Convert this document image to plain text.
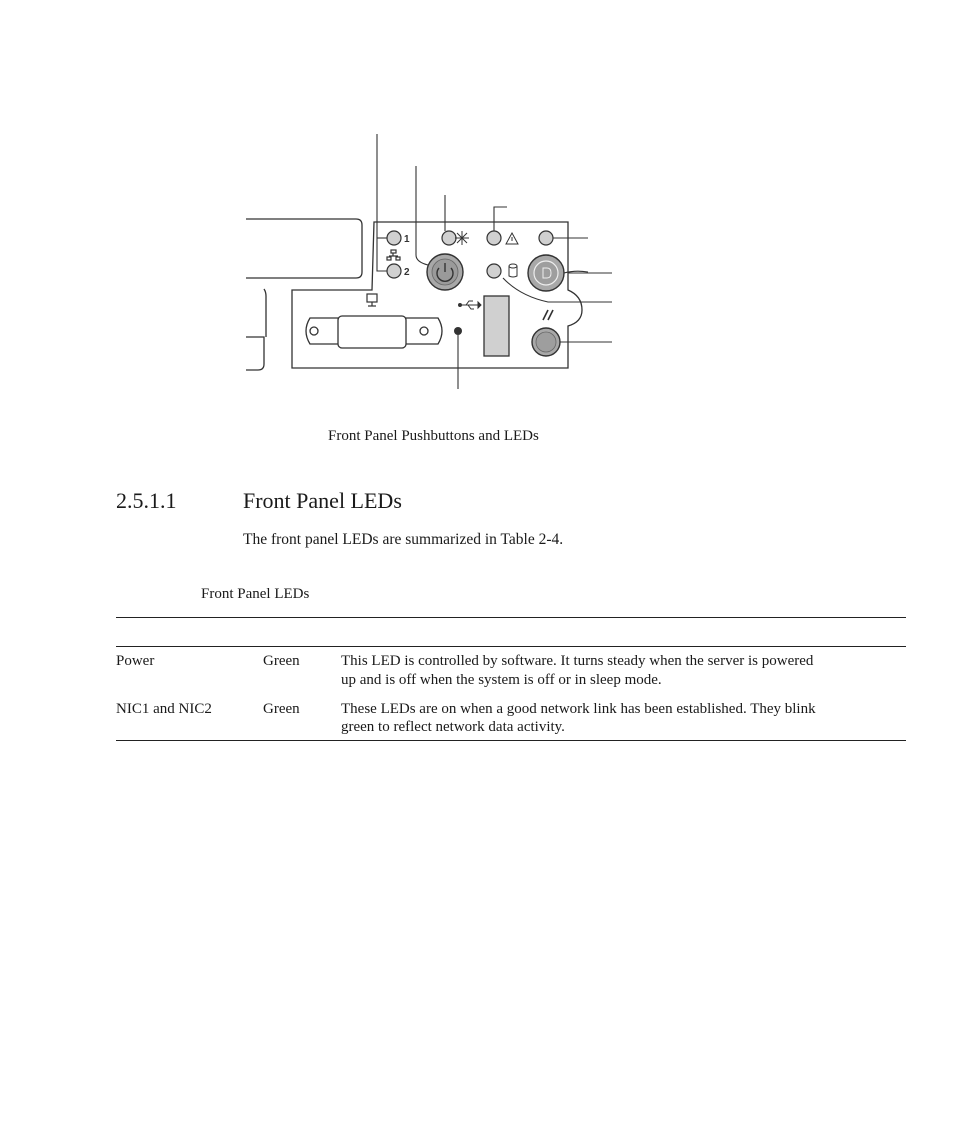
1
2
Front Panel Pushbuttons and LEDs
2.5.1.1	Front Panel LEDs
The front panel LEDs are summarized in Table 2-4.
Front Panel LEDs
Power	Green	This LED is controlled by software. It turns steady when the server is powered
up and is off when the system is off or in sleep mode.
NIC1 and NIC2	Green	These LEDs are on when a good network link has been established. They blink
green to reflect network data activity.
